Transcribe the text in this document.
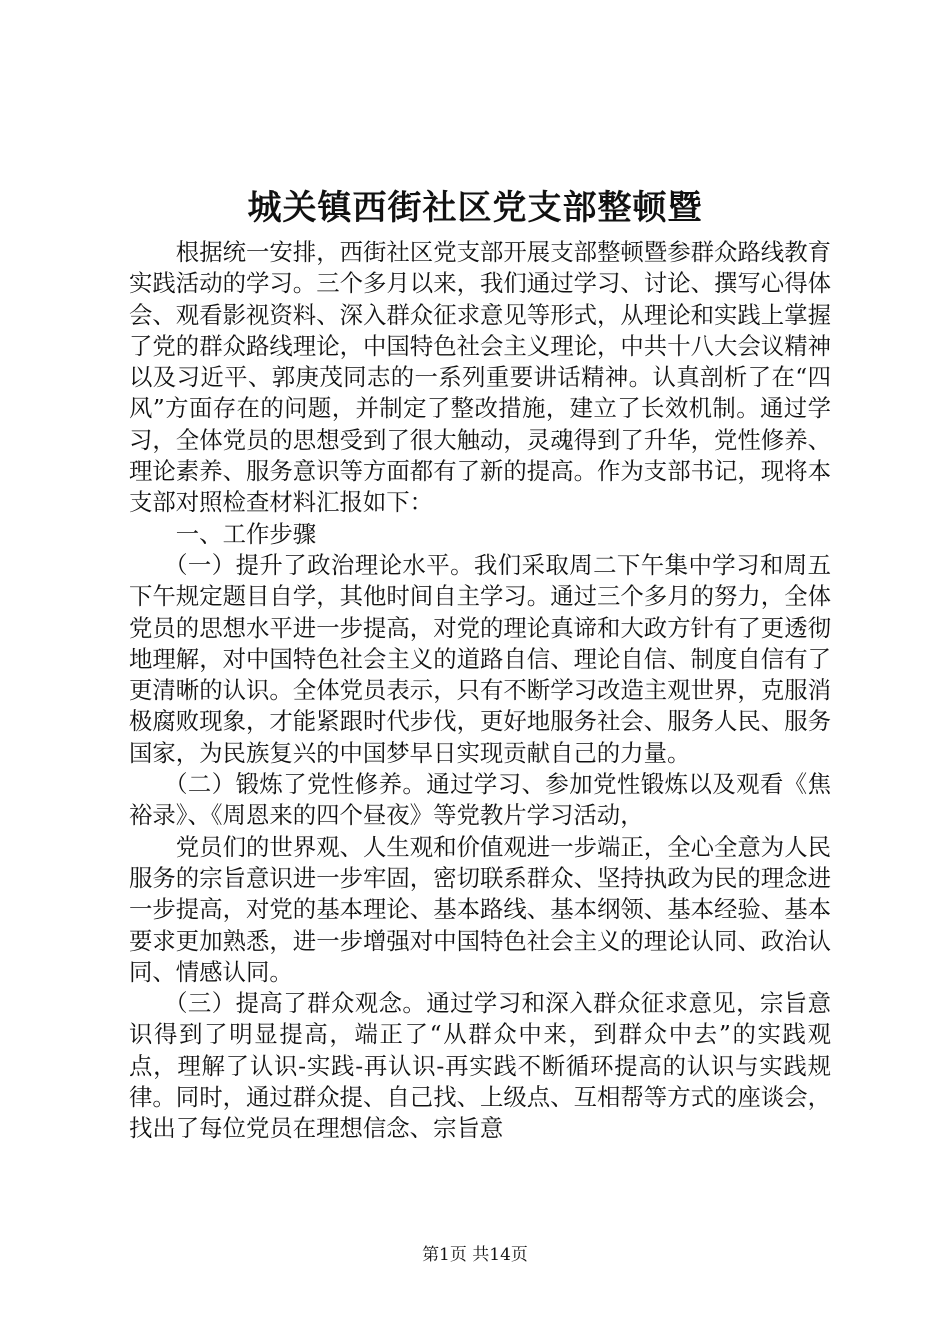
城关镇西街社区党支部整顿暨

根据统一安排，西街社区党支部开展支部整顿暨参群众路线教育实践活动的学习。三个多月以来，我们通过学习、讨论、撰写心得体会、观看影视资料、深入群众征求意见等形式，从理论和实践上掌握了党的群众路线理论，中国特色社会主义理论，中共十八大会议精神以及习近平、郭庚茂同志的一系列重要讲话精神。认真剖析了在“四风”方面存在的问题，并制定了整改措施，建立了长效机制。通过学习，全体党员的思想受到了很大触动，灵魂得到了升华，党性修养、理论素养、服务意识等方面都有了新的提高。作为支部书记，现将本支部对照检查材料汇报如下：

一、工作步骤

（一）提升了政治理论水平。我们采取周二下午集中学习和周五下午规定题目自学，其他时间自主学习。通过三个多月的努力，全体党员的思想水平进一步提高，对党的理论真谛和大政方针有了更透彻地理解，对中国特色社会主义的道路自信、理论自信、制度自信有了更清晰的认识。全体党员表示，只有不断学习改造主观世界，克服消极腐败现象，才能紧跟时代步伐，更好地服务社会、服务人民、服务国家，为民族复兴的中国梦早日实现贡献自己的力量。

（二）锻炼了党性修养。通过学习、参加党性锻炼以及观看《焦裕录》、《周恩来的四个昼夜》等党教片学习活动，

党员们的世界观、人生观和价值观进一步端正，全心全意为人民服务的宗旨意识进一步牢固，密切联系群众、坚持执政为民的理念进一步提高，对党的基本理论、基本路线、基本纲领、基本经验、基本要求更加熟悉，进一步增强对中国特色社会主义的理论认同、政治认同、情感认同。

（三）提高了群众观念。通过学习和深入群众征求意见，宗旨意识得到了明显提高，端正了“从群众中来，到群众中去”的实践观点，理解了认识-实践-再认识-再实践不断循环提高的认识与实践规律。同时，通过群众提、自己找、上级点、互相帮等方式的座谈会，找出了每位党员在理想信念、宗旨意

第1页 共14页
